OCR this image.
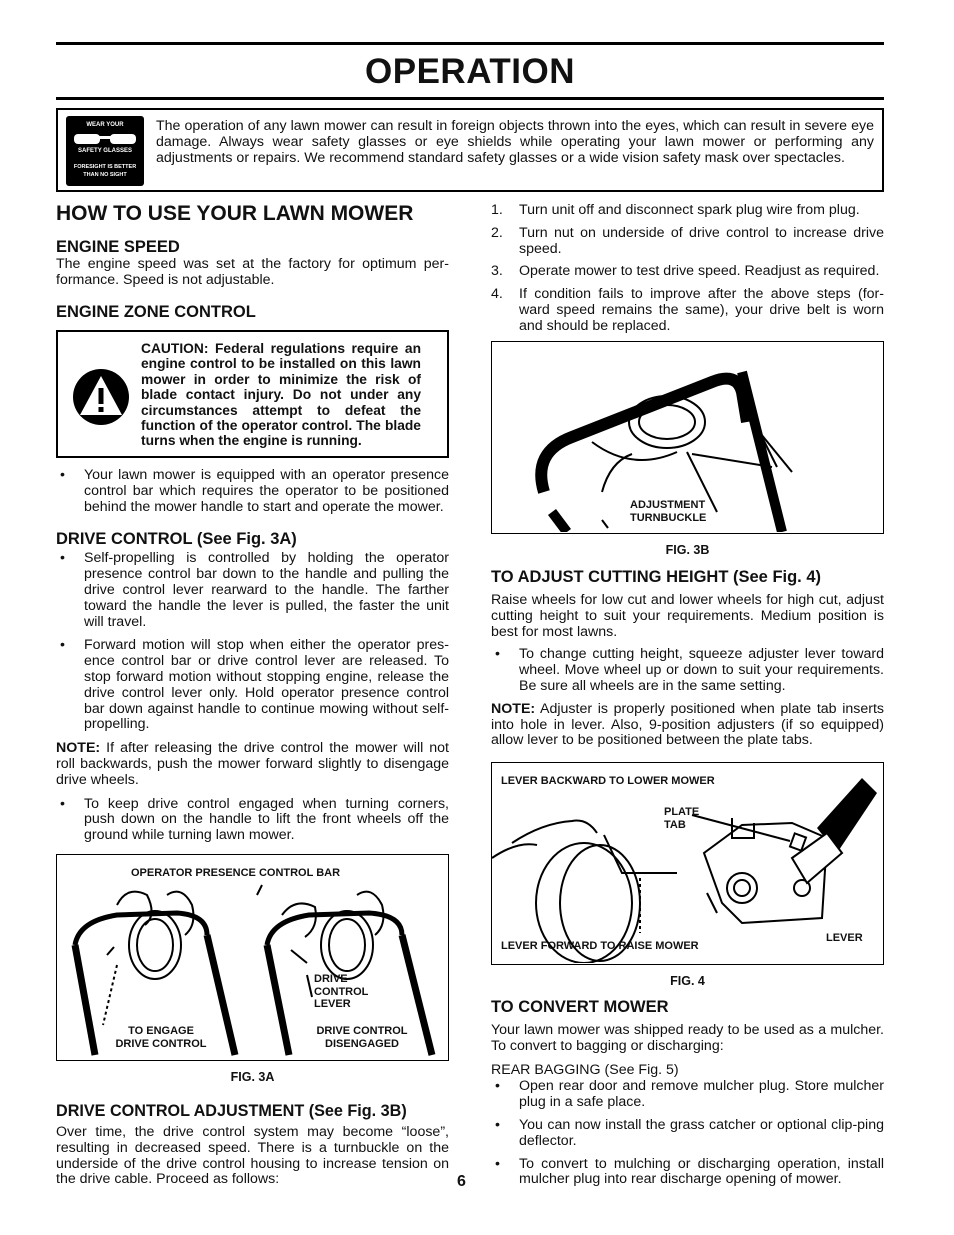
OPERATION
WEAR YOUR
SAFETY GLASSES
FORESIGHT IS BETTER
THAN NO SIGHT
The operation of any lawn mower can result in foreign objects thrown into the eyes, which can result in severe eye damage. Always wear safety glasses or eye shields while operating your lawn mower or performing any adjustments or repairs. We recommend standard safety glasses or a wide vision safety mask over spectacles.
HOW TO USE YOUR LAWN MOWER
ENGINE SPEED

The engine speed was set at the factory for optimum per-formance. Speed is not adjustable.

ENGINE ZONE CONTROL
CAUTION: Federal regulations require an engine control to be installed on this lawn mower in order to minimize the risk of blade contact injury. Do not under any circumstances attempt to defeat the function of the operator control. The blade turns when the engine is running.
• Your lawn mower is equipped with an operator presence control bar which requires the operator to be positioned behind the mower handle to start and operate the mower.
DRIVE CONTROL (See Fig. 3A)
• Self-propelling is controlled by holding the operator presence control bar down to the handle and pulling the drive control lever rearward to the handle. The farther toward the handle the lever is pulled, the faster the unit will travel.
• Forward motion will stop when either the operator pres-ence control bar or drive control lever are released. To stop forward motion without stopping engine, release the drive control lever only. Hold operator presence control bar down against handle to continue mowing without self-propelling.

NOTE: If after releasing the drive control the mower will not roll backwards, push the mower forward slightly to disengage drive wheels.

• To keep drive control engaged when turning corners, push down on the handle to lift the front wheels off the ground while turning lawn mower.
OPERATOR PRESENCE CONTROL BAR
DRIVE
CONTROL
LEVER
TO ENGAGE
DRIVE CONTROL
DRIVE CONTROL
DISENGAGED
FIG. 3A
DRIVE CONTROL ADJUSTMENT (See Fig. 3B)

Over time, the drive control system may become “loose”, resulting in decreased speed. There is a turnbuckle on the underside of the drive control housing to increase tension on the drive cable. Proceed as follows:	6
1. Turn unit off and disconnect spark plug wire from plug.
2. Turn nut on underside of drive control to increase drive speed.
3. Operate mower to test drive speed. Readjust as required.
4. If condition fails to improve after the above steps (for-ward speed remains the same), your drive belt is worn and should be replaced.
ADJUSTMENT
TURNBUCKLE
FIG. 3B
TO ADJUST CUTTING HEIGHT (See Fig. 4)

Raise wheels for low cut and lower wheels for high cut, adjust cutting height to suit your requirements. Medium position is best for most lawns.

• To change cutting height, squeeze adjuster lever toward wheel. Move wheel up or down to suit your requirements. Be sure all wheels are in the same setting.

NOTE: Adjuster is properly positioned when plate tab inserts into hole in lever. Also, 9-position adjusters (if so equipped) allow lever to be positioned between the plate tabs.

LEVER BACKWARD TO LOWER MOWER
PLATE
TAB
LEVER FORWARD TO RAISE MOWER
LEVER
FIG. 4
TO CONVERT MOWER

Your lawn mower was shipped ready to be used as a mulcher. To convert to bagging or discharging:

REAR BAGGING (See Fig. 5)

• Open rear door and remove mulcher plug. Store mulcher plug in a safe place.
• You can now install the grass catcher or optional clip-ping deflector.
• To convert to mulching or discharging operation, install mulcher plug into rear discharge opening of mower.
